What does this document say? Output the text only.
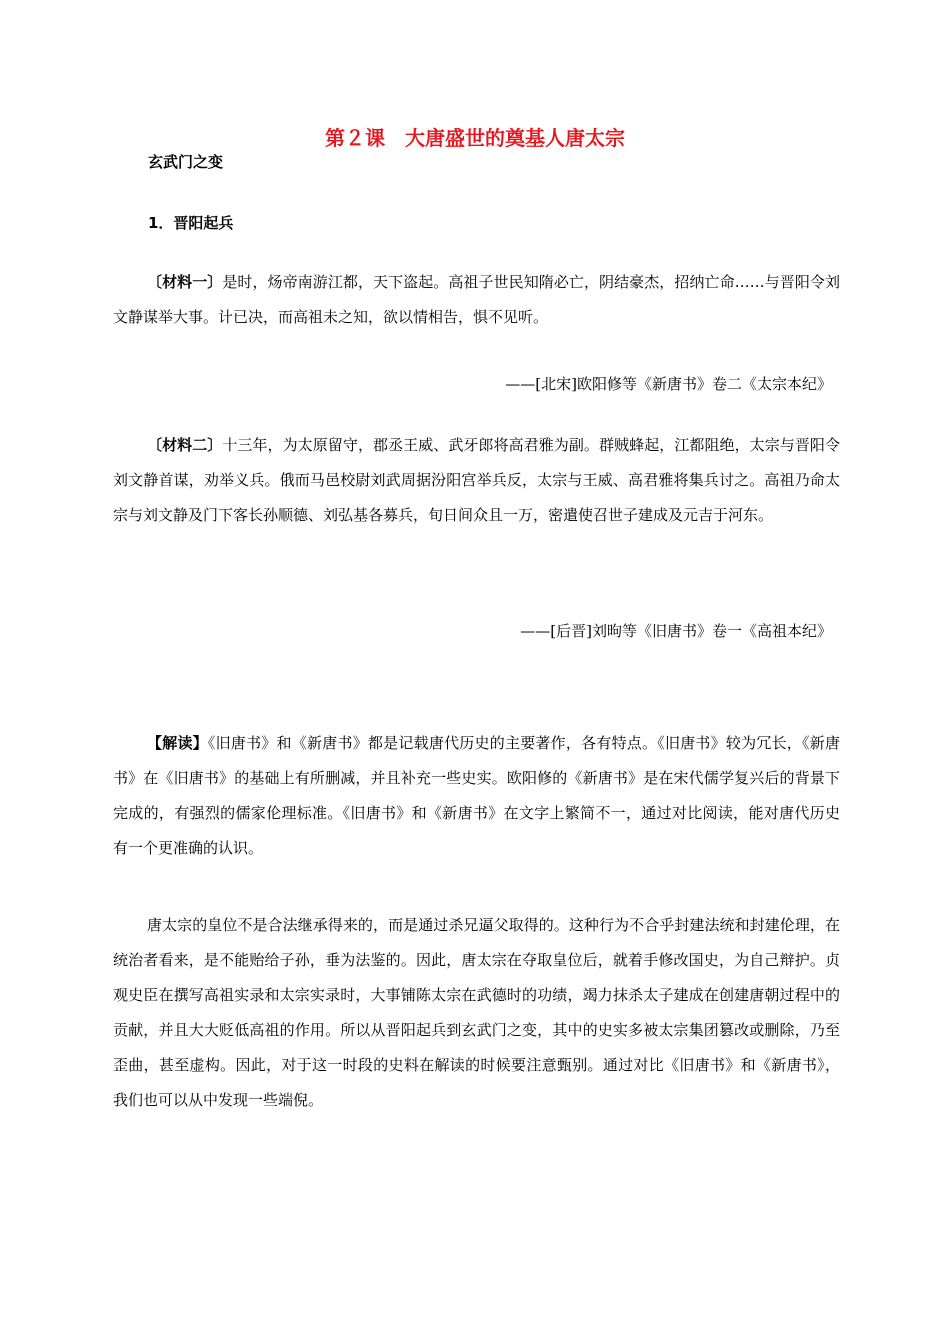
第２课　大唐盛世的奠基人唐太宗
玄武门之变
1．晋阳起兵
〔材料一〕是时，炀帝南游江都，天下盗起。高祖子世民知隋必亡，阴结豪杰，招纳亡命……与晋阳令刘文静谋举大事。计已决，而高祖未之知，欲以情相告，惧不见听。
——[北宋]欧阳修等《新唐书》卷二《太宗本纪》
〔材料二〕十三年，为太原留守，郡丞王威、武牙郎将高君雅为副。群贼蜂起，江都阻绝，太宗与晋阳令刘文静首谋，劝举义兵。俄而马邑校尉刘武周据汾阳宫举兵反，太宗与王威、高君雅将集兵讨之。高祖乃命太宗与刘文静及门下客长孙顺德、刘弘基各募兵，旬日间众且一万，密遣使召世子建成及元吉于河东。
——[后晋]刘昫等《旧唐书》卷一《高祖本纪》
【解读】《旧唐书》和《新唐书》都是记载唐代历史的主要著作，各有特点。《旧唐书》较为冗长，《新唐书》在《旧唐书》的基础上有所删减，并且补充一些史实。欧阳修的《新唐书》是在宋代儒学复兴后的背景下完成的，有强烈的儒家伦理标准。《旧唐书》和《新唐书》在文字上繁简不一，通过对比阅读，能对唐代历史有一个更准确的认识。
唐太宗的皇位不是合法继承得来的，而是通过杀兄逼父取得的。这种行为不合乎封建法统和封建伦理，在统治者看来，是不能贻给子孙，垂为法鉴的。因此，唐太宗在夺取皇位后，就着手修改国史，为自己辩护。贞观史臣在撰写高祖实录和太宗实录时，大事铺陈太宗在武德时的功绩，竭力抹杀太子建成在创建唐朝过程中的贡献，并且大大贬低高祖的作用。所以从晋阳起兵到玄武门之变，其中的史实多被太宗集团篡改或删除，乃至歪曲，甚至虚构。因此，对于这一时段的史料在解读的时候要注意甄别。通过对比《旧唐书》和《新唐书》，我们也可以从中发现一些端倪。
